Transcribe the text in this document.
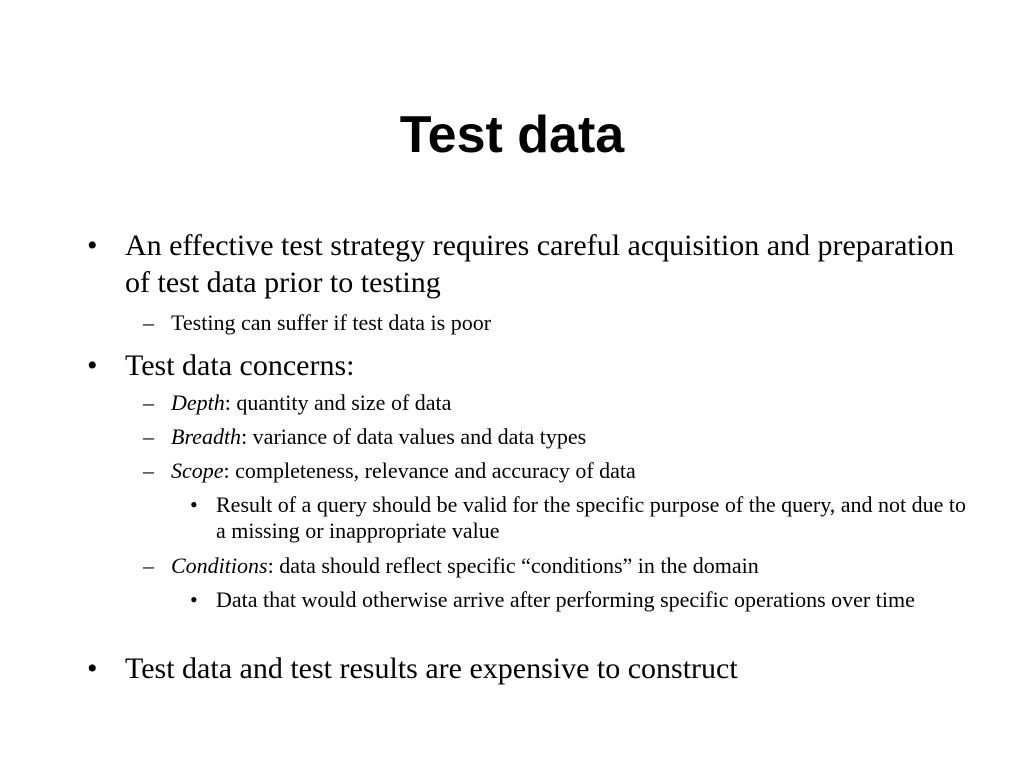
Test data

• An effective test strategy requires careful acquisition and preparation of test data prior to testing

– Testing can suffer if test data is poor

• Test data concerns:

– Depth: quantity and size of data

– Breadth: variance of data values and data types

– Scope: completeness, relevance and accuracy of data

• Result of a query should be valid for the specific purpose of the query, and not due to a missing or inappropriate value

– Conditions: data should reflect specific “conditions” in the domain

• Data that would otherwise arrive after performing specific operations over time

• Test data and test results are expensive to construct
